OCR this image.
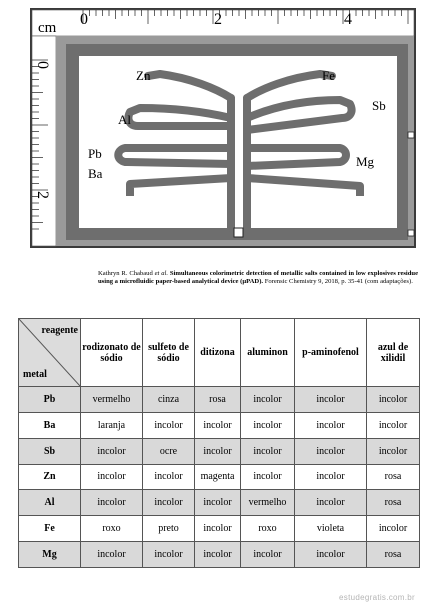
cm 0	2	4
0
2
Zn	Fe
Al
Sb
Pb
Ba
Mg
Kathryn R. Chabaud et al. Simultaneous colorimetric detection of metallic salts contained in low explosives residue using a microfluidic paper-based analytical device (µPAD). Forensic Chemistry 9, 2018, p. 35-41 (com adaptações).
reagente
metal	rodizonato de sódio	sulfeto de sódio	ditizona	aluminon	p-aminofenol	azul de xilidil
Pb	vermelho	cinza	rosa	incolor	incolor	incolor
Ba	laranja	incolor	incolor	incolor	incolor	incolor
Sb	incolor	ocre	incolor	incolor	incolor	incolor
Zn	incolor	incolor	magenta	incolor	incolor	rosa
Al	incolor	incolor	incolor	vermelho	incolor	rosa
Fe	roxo	preto	incolor	roxo	violeta	incolor
Mg	incolor	incolor	incolor	incolor	incolor	rosa
estudegratis.com.br
